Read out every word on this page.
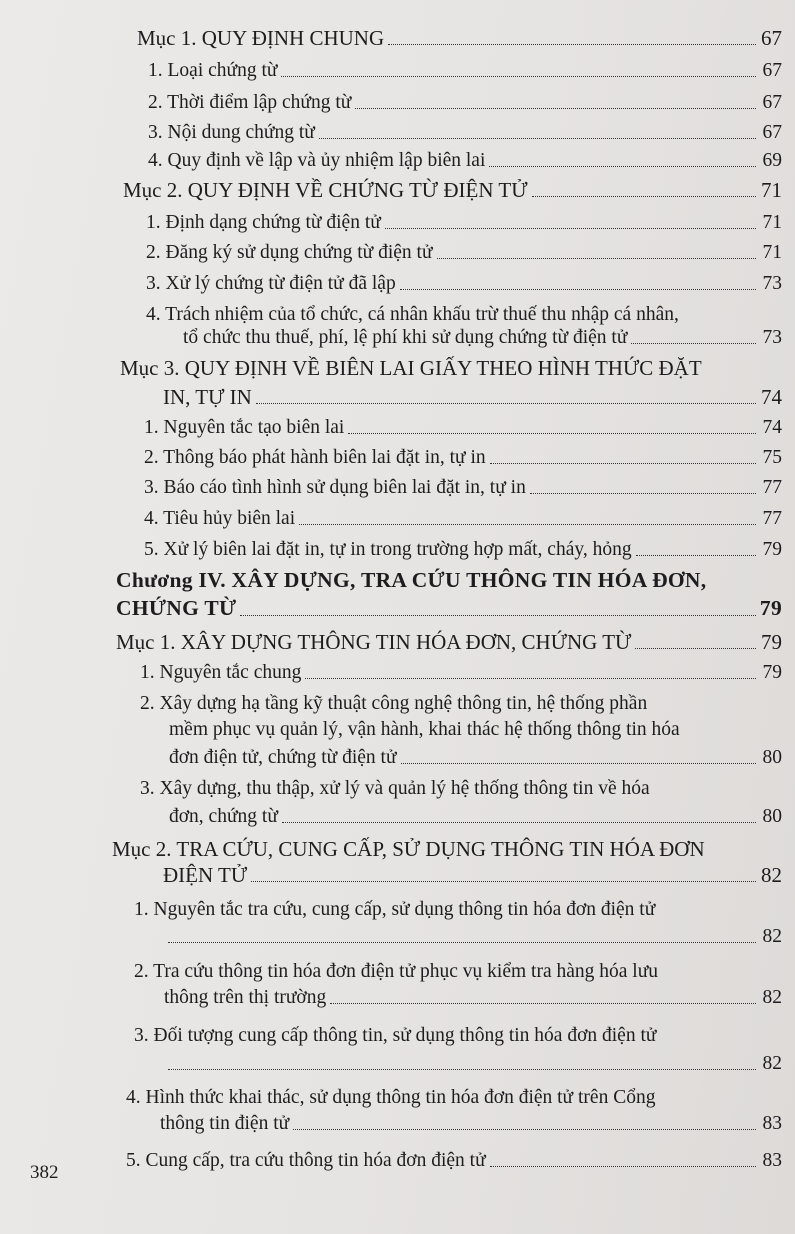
Mục 1. QUY ĐỊNH CHUNG	67
1. Loại chứng từ	67
2. Thời điểm lập chứng từ	67
3. Nội dung chứng từ	67
4. Quy định về lập và ủy nhiệm lập biên lai	69
Mục 2. QUY ĐỊNH VỀ CHỨNG TỪ ĐIỆN TỬ	71
1. Định dạng chứng từ điện tử	71
2. Đăng ký sử dụng chứng từ điện tử	71
3. Xử lý chứng từ điện tử đã lập	73
4. Trách nhiệm của tổ chức, cá nhân khấu trừ thuế thu nhập cá nhân,
tổ chức thu thuế, phí, lệ phí khi sử dụng chứng từ điện tử	73
Mục 3. QUY ĐỊNH VỀ BIÊN LAI GIẤY THEO HÌNH THỨC ĐẶT
IN, TỰ IN	74
1. Nguyên tắc tạo biên lai	74
2. Thông báo phát hành biên lai đặt in, tự in	75
3. Báo cáo tình hình sử dụng biên lai đặt in, tự in	77
4. Tiêu hủy biên lai	77
5. Xử lý biên lai đặt in, tự in trong trường hợp mất, cháy, hỏng	79
Chương IV. XÂY DỰNG, TRA CỨU THÔNG TIN HÓA ĐƠN,
CHỨNG TỪ	79
Mục 1. XÂY DỰNG THÔNG TIN HÓA ĐƠN, CHỨNG TỪ	79
1. Nguyên tắc chung	79
2. Xây dựng hạ tầng kỹ thuật công nghệ thông tin, hệ thống phần
mềm phục vụ quản lý, vận hành, khai thác hệ thống thông tin hóa
đơn điện tử, chứng từ điện tử	80
3. Xây dựng, thu thập, xử lý và quản lý hệ thống thông tin về hóa
đơn, chứng từ	80
Mục 2. TRA CỨU, CUNG CẤP, SỬ DỤNG THÔNG TIN HÓA ĐƠN
ĐIỆN TỬ	82
1. Nguyên tắc tra cứu, cung cấp, sử dụng thông tin hóa đơn điện tử
82
2. Tra cứu thông tin hóa đơn điện tử phục vụ kiểm tra hàng hóa lưu
thông trên thị trường	82
3. Đối tượng cung cấp thông tin, sử dụng thông tin hóa đơn điện tử
82
4. Hình thức khai thác, sử dụng thông tin hóa đơn điện tử trên Cổng
thông tin điện tử	83
5. Cung cấp, tra cứu thông tin hóa đơn điện tử	83
382
